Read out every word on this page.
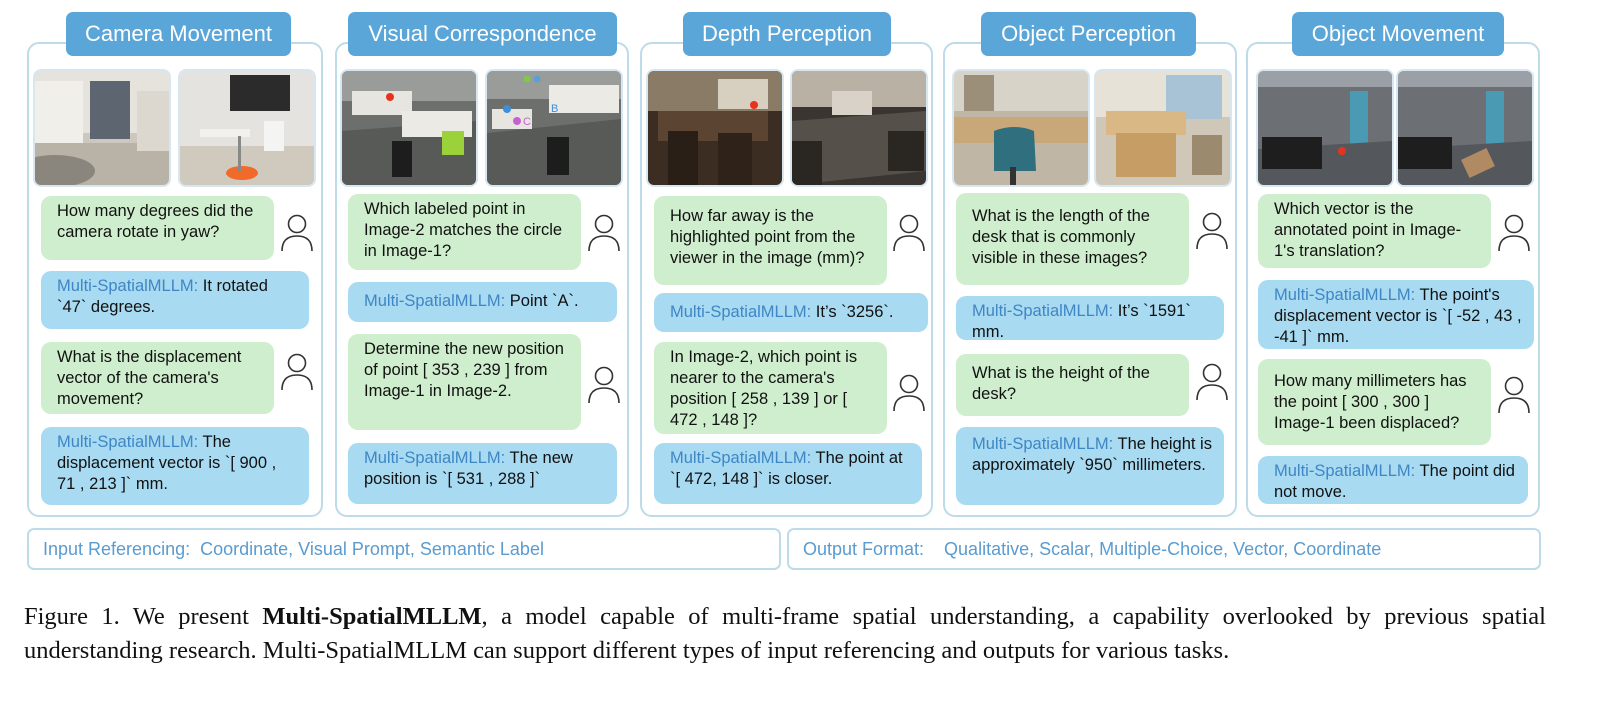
Camera Movement
How many degrees did the camera rotate in yaw?
Multi-SpatialMLLM: It rotated `47` degrees.
What is the displacement vector of the camera's movement?
Multi-SpatialMLLM: The displacement vector is `[ 900 , 71 , 213 ]` mm.
Visual Correspondence
B
C
Which labeled point in Image-2 matches the circle in Image-1?
Multi-SpatialMLLM: Point `A`.
Determine the new position of point [ 353 , 239 ] from Image-1 in Image-2.
Multi-SpatialMLLM: The new position is `[ 531 , 288 ]`
Depth Perception
How far away is the highlighted point from the viewer in the image (mm)?
Multi-SpatialMLLM: It’s `3256`.
In Image-2, which point is nearer to the camera's position [ 258 , 139 ] or [ 472 , 148 ]?
Multi-SpatialMLLM: The point at `[ 472, 148 ]` is closer.
Object Perception
What is the length of the desk that is commonly visible in these images?
Multi-SpatialMLLM: It’s `1591` mm.
What is the height of the desk?
Multi-SpatialMLLM: The height is approximately `950` millimeters.
Object Movement
Which vector is the annotated point in Image-1's translation?
Multi-SpatialMLLM: The point's displacement vector is `[ -52 , 43 , -41 ]` mm.
How many millimeters has the point [ 300 , 300 ] Image-1 been displaced?
Multi-SpatialMLLM: The point did not move.
Input Referencing:  Coordinate, Visual Prompt, Semantic Label	Output Format:    Qualitative, Scalar, Multiple-Choice, Vector, Coordinate
Figure 1. We present Multi-SpatialMLLM, a model capable of multi-frame spatial understanding, a capability overlooked by previous spatial understanding research. Multi-SpatialMLLM can support different types of input referencing and outputs for various tasks.
